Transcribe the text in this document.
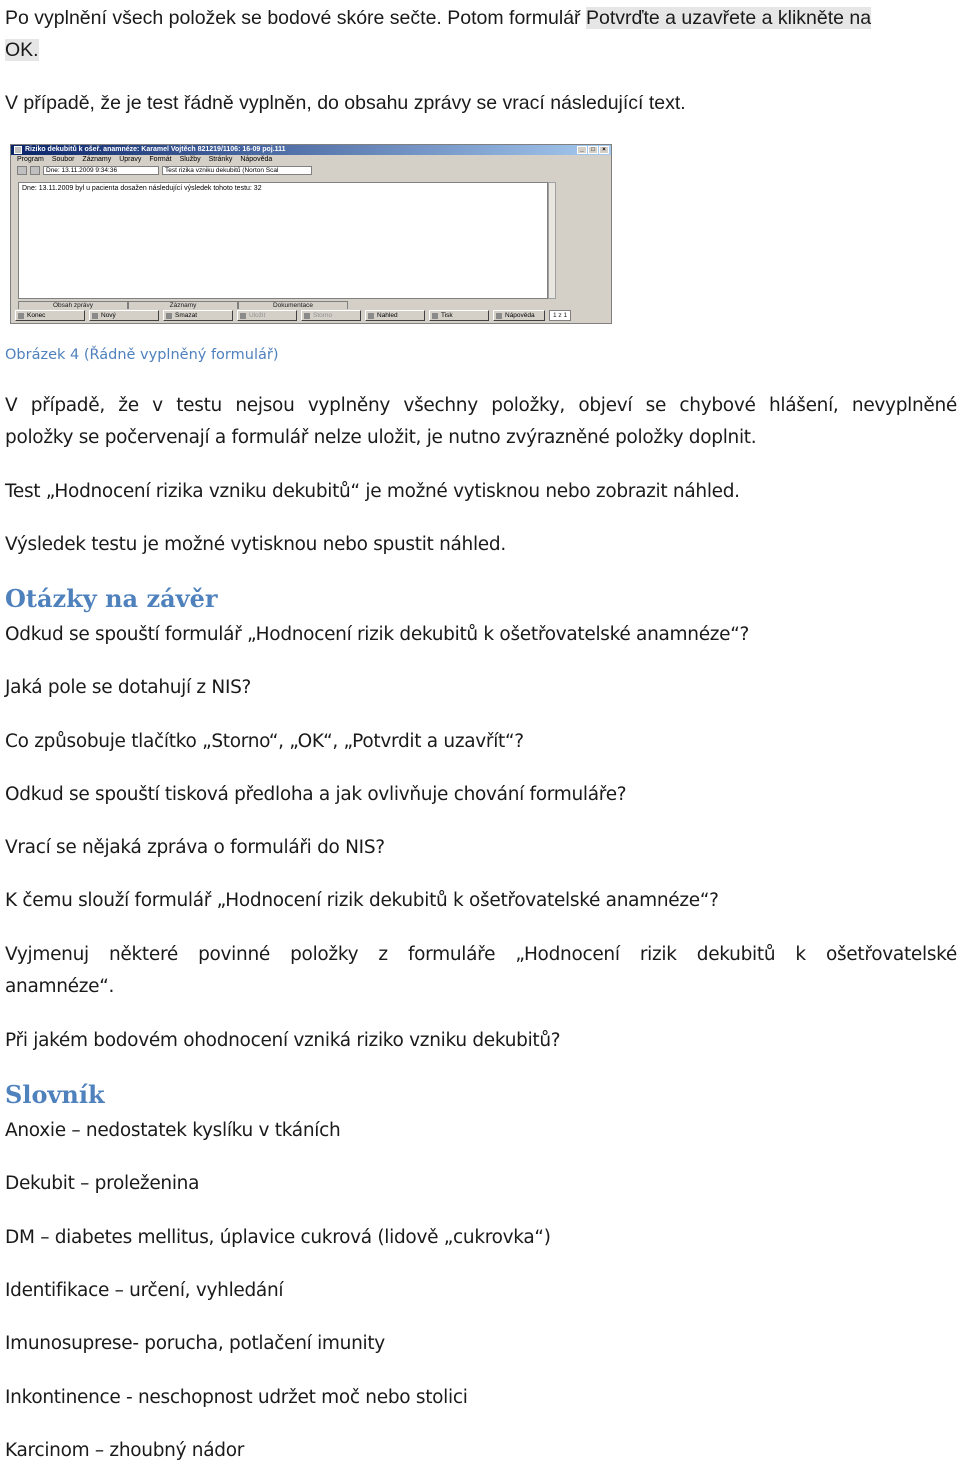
Po vyplnění všech položek se bodové skóre sečte. Potom formulář Potvrďte a uzavřete a klikněte na

OK.

V případě, že je test řádně vyplněn, do obsahu zprávy se vrací následující text.

Riziko dekubitů k ošeř. anamnéze: Karamel Vojtěch 821219/1106: 16-09 poj.111	_	□	×
Program Soubor Záznamy Úpravy Formát Služby Stránky Nápověda
Dne: 13.11.2009 9:34:36	Test rizika vzniku dekubitů (Norton Scal
Dne: 13.11.2009 byl u pacienta dosažen následující výsledek tohoto testu: 32
Obsah zprávy	Záznamy	Dokumentace
Konec	Nový	Smazat	Uložit	Storno	Nahled	Tisk	Nápověda	1 z 1
Obrázek 4 (Řádně vyplněný formulář)

V případě, že v testu nejsou vyplněny všechny položky, objeví se chybové hlášení, nevyplněné

položky se počervenají a formulář nelze uložit, je nutno zvýrazněné položky doplnit.

Test „Hodnocení rizika vzniku dekubitů“ je možné vytisknou nebo zobrazit náhled.

Výsledek testu je možné vytisknou nebo spustit náhled.

Otázky na závěr

Odkud se spouští formulář „Hodnocení rizik dekubitů k ošetřovatelské anamnéze“?

Jaká pole se dotahují z NIS?

Co způsobuje tlačítko „Storno“, „OK“, „Potvrdit a uzavřít“?

Odkud se spouští tisková předloha a jak ovlivňuje chování formuláře?

Vrací se nějaká zpráva o formuláři do NIS?

K čemu slouží formulář „Hodnocení rizik dekubitů k ošetřovatelské anamnéze“?

Vyjmenuj některé povinné položky z formuláře „Hodnocení rizik dekubitů k ošetřovatelské

anamnéze“.

Při jakém bodovém ohodnocení vzniká riziko vzniku dekubitů?

Slovník

Anoxie – nedostatek kyslíku v tkáních

Dekubit – proleženina

DM – diabetes mellitus, úplavice cukrová (lidově „cukrovka“)

Identifikace – určení, vyhledání

Imunosuprese- porucha, potlačení imunity

Inkontinence - neschopnost udržet moč nebo stolici

Karcinom – zhoubný nádor
